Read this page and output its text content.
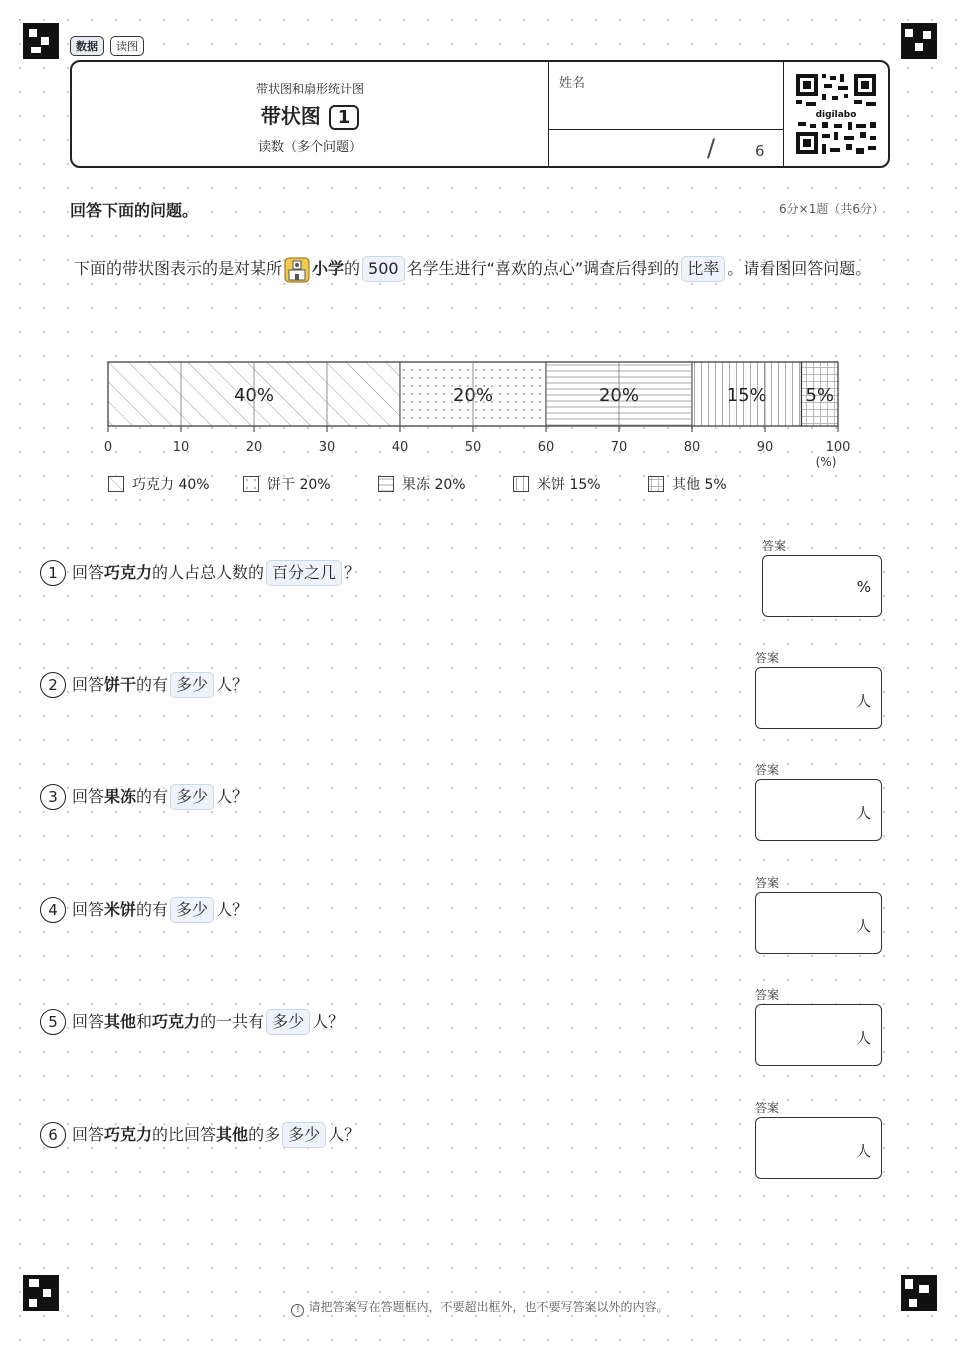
数据	读图
带状图和扇形统计图
带状图 1
读数（多个问题）
姓名
/	6
digilabo
回答下面的问题。	6分×1题（共6分）
下面的带状图表示的是对某所 小学的 500 名学生进行“喜欢的点心”调查后得到的 比率 。请看图回答问题。
40%	20%	20%	15% 5%
0	10	20	30	40	50	60	70	80	90	100
(%)
巧克力 40%	饼干 20%	果冻 20%	米饼 15%	其他 5%
1 回答巧克力的人占总人数的 百分之几 ？
答案
%
2 回答饼干的有 多少 人？
答案
人
3 回答果冻的有 多少 人？
答案
人
4 回答米饼的有 多少 人？
答案
人
5 回答其他和巧克力的一共有 多少 人？
答案
人
6 回答巧克力的比回答其他的多 多少 人？
答案
人
! 请把答案写在答题框内，不要超出框外，也不要写答案以外的内容。
